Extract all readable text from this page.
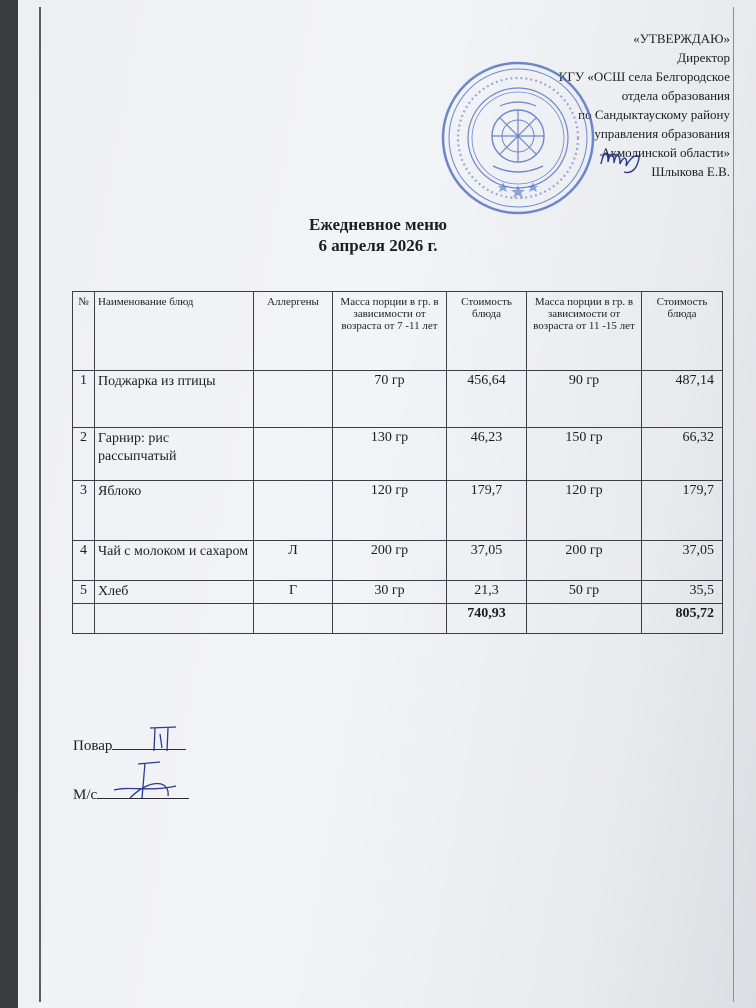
«УТВЕРЖДАЮ»
Директор
КГУ «ОСШ села Белгородское
отдела образования
по Сандыктаускому району
управления образования
Акмолинской области»
Шлыкова Е.В.
Ежедневное меню
6 апреля 2026 г.
№	Наименование блюд	Аллергены	Масса порции в гр. в зависимости от возраста от 7 -11 лет	Стоимость блюда	Масса порции в гр. в зависимости от возраста от 11 -15 лет	Стоимость блюда
1	Поджарка из птицы		70 гр	456,64	90 гр	487,14
2	Гарнир: рис рассыпчатый		130 гр	46,23	150 гр	66,32
3	Яблоко		120 гр	179,7	120 гр	179,7
4	Чай с молоком и сахаром	Л	200 гр	37,05	200 гр	37,05
5	Хлеб	Г	30 гр	21,3	50 гр	35,5
				740,93		805,72
Повар
М/с
